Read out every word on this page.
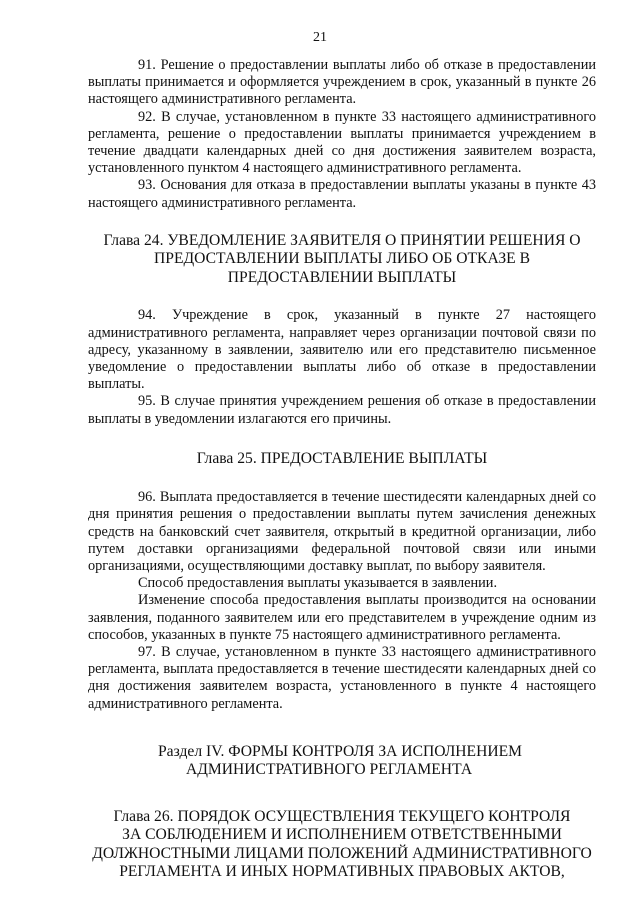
21

91. Решение о предоставлении выплаты либо об отказе в предоставлении выплаты принимается и оформляется учреждением в срок, указанный в пункте 26 настоящего административного регламента.

92. В случае, установленном в пункте 33 настоящего административного регламента, решение о предоставлении выплаты принимается учреждением в течение двадцати календарных дней со дня достижения заявителем возраста, установленного пунктом 4 настоящего административного регламента.

93. Основания для отказа в предоставлении выплаты указаны в пункте 43 настоящего административного регламента.

Глава 24. УВЕДОМЛЕНИЕ ЗАЯВИТЕЛЯ О ПРИНЯТИИ РЕШЕНИЯ О ПРЕДОСТАВЛЕНИИ ВЫПЛАТЫ ЛИБО ОБ ОТКАЗЕ В ПРЕДОСТАВЛЕНИИ ВЫПЛАТЫ

94. Учреждение в срок, указанный в пункте 27 настоящего административного регламента, направляет через организации почтовой связи по адресу, указанному в заявлении, заявителю или его представителю письменное уведомление о предоставлении выплаты либо об отказе в предоставлении выплаты.

95. В случае принятия учреждением решения об отказе в предоставлении выплаты в уведомлении излагаются его причины.

Глава 25. ПРЕДОСТАВЛЕНИЕ ВЫПЛАТЫ

96. Выплата предоставляется в течение шестидесяти календарных дней со дня принятия решения о предоставлении выплаты путем зачисления денежных средств на банковский счет заявителя, открытый в кредитной организации, либо путем доставки организациями федеральной почтовой связи или иными организациями, осуществляющими доставку выплат, по выбору заявителя.

Способ предоставления выплаты указывается в заявлении.

Изменение способа предоставления выплаты производится на основании заявления, поданного заявителем или его представителем в учреждение одним из способов, указанных в пункте 75 настоящего административного регламента.

97. В случае, установленном в пункте 33 настоящего административного регламента, выплата предоставляется в течение шестидесяти календарных дней со дня достижения заявителем возраста, установленного в пункте 4 настоящего административного регламента.

Раздел IV. ФОРМЫ КОНТРОЛЯ ЗА ИСПОЛНЕНИЕМ
АДМИНИСТРАТИВНОГО РЕГЛАМЕНТА

Глава 26. ПОРЯДОК ОСУЩЕСТВЛЕНИЯ ТЕКУЩЕГО КОНТРОЛЯ
ЗА СОБЛЮДЕНИЕМ И ИСПОЛНЕНИЕМ ОТВЕТСТВЕННЫМИ
ДОЛЖНОСТНЫМИ ЛИЦАМИ ПОЛОЖЕНИЙ АДМИНИСТРАТИВНОГО
РЕГЛАМЕНТА И ИНЫХ НОРМАТИВНЫХ ПРАВОВЫХ АКТОВ,
